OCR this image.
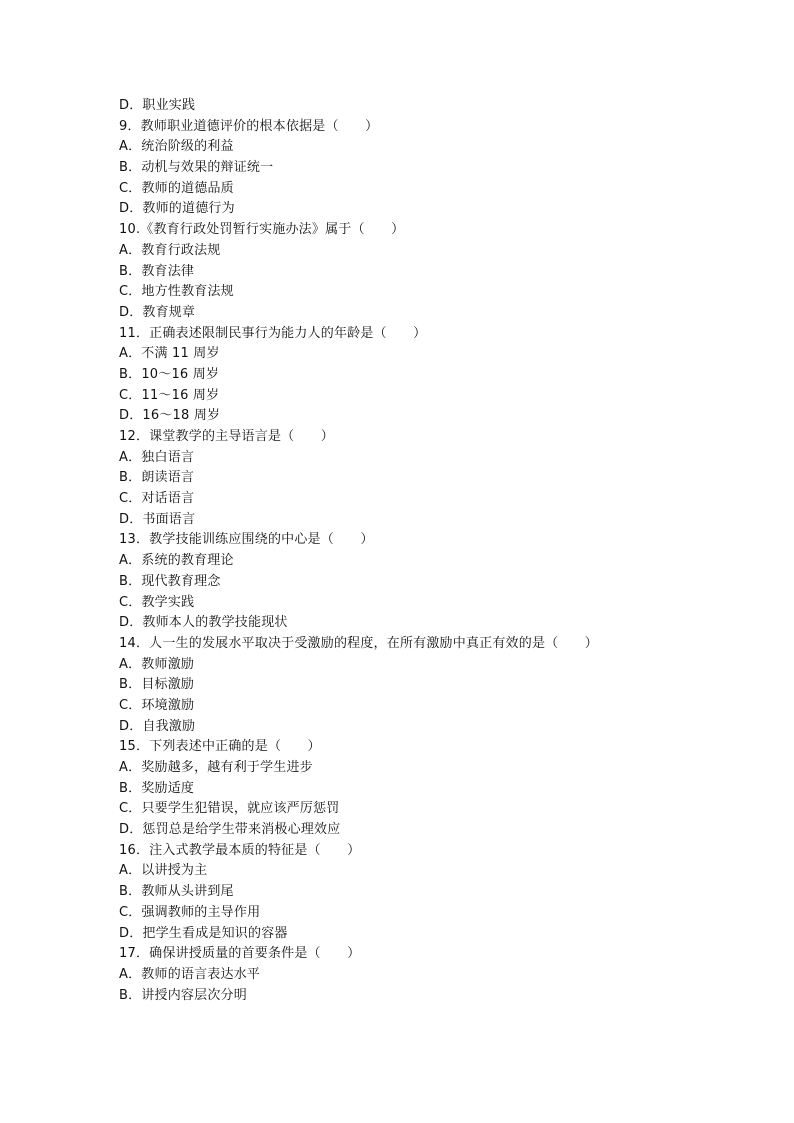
D．职业实践
9．教师职业道德评价的根本依据是（　　）
A．统治阶级的利益
B．动机与效果的辩证统一
C．教师的道德品质
D．教师的道德行为
10.《教育行政处罚暂行实施办法》属于（　　）
A．教育行政法规
B．教育法律
C．地方性教育法规
D．教育规章
11．正确表述限制民事行为能力人的年龄是（　　）
A．不满 11 周岁
B．10～16 周岁
C．11～16 周岁
D．16～18 周岁
12．课堂教学的主导语言是（　　）
A．独白语言
B．朗读语言
C．对话语言
D．书面语言
13．教学技能训练应围绕的中心是（　　）
A．系统的教育理论
B．现代教育理念
C．教学实践
D．教师本人的教学技能现状
14．人一生的发展水平取决于受激励的程度，在所有激励中真正有效的是（　　）
A．教师激励
B．目标激励
C．环境激励
D．自我激励
15．下列表述中正确的是（　　）
A．奖励越多，越有利于学生进步
B．奖励适度
C．只要学生犯错误，就应该严厉惩罚
D．惩罚总是给学生带来消极心理效应
16．注入式教学最本质的特征是（　　）
A．以讲授为主
B．教师从头讲到尾
C．强调教师的主导作用
D．把学生看成是知识的容器
17．确保讲授质量的首要条件是（　　）
A．教师的语言表达水平
B．讲授内容层次分明
